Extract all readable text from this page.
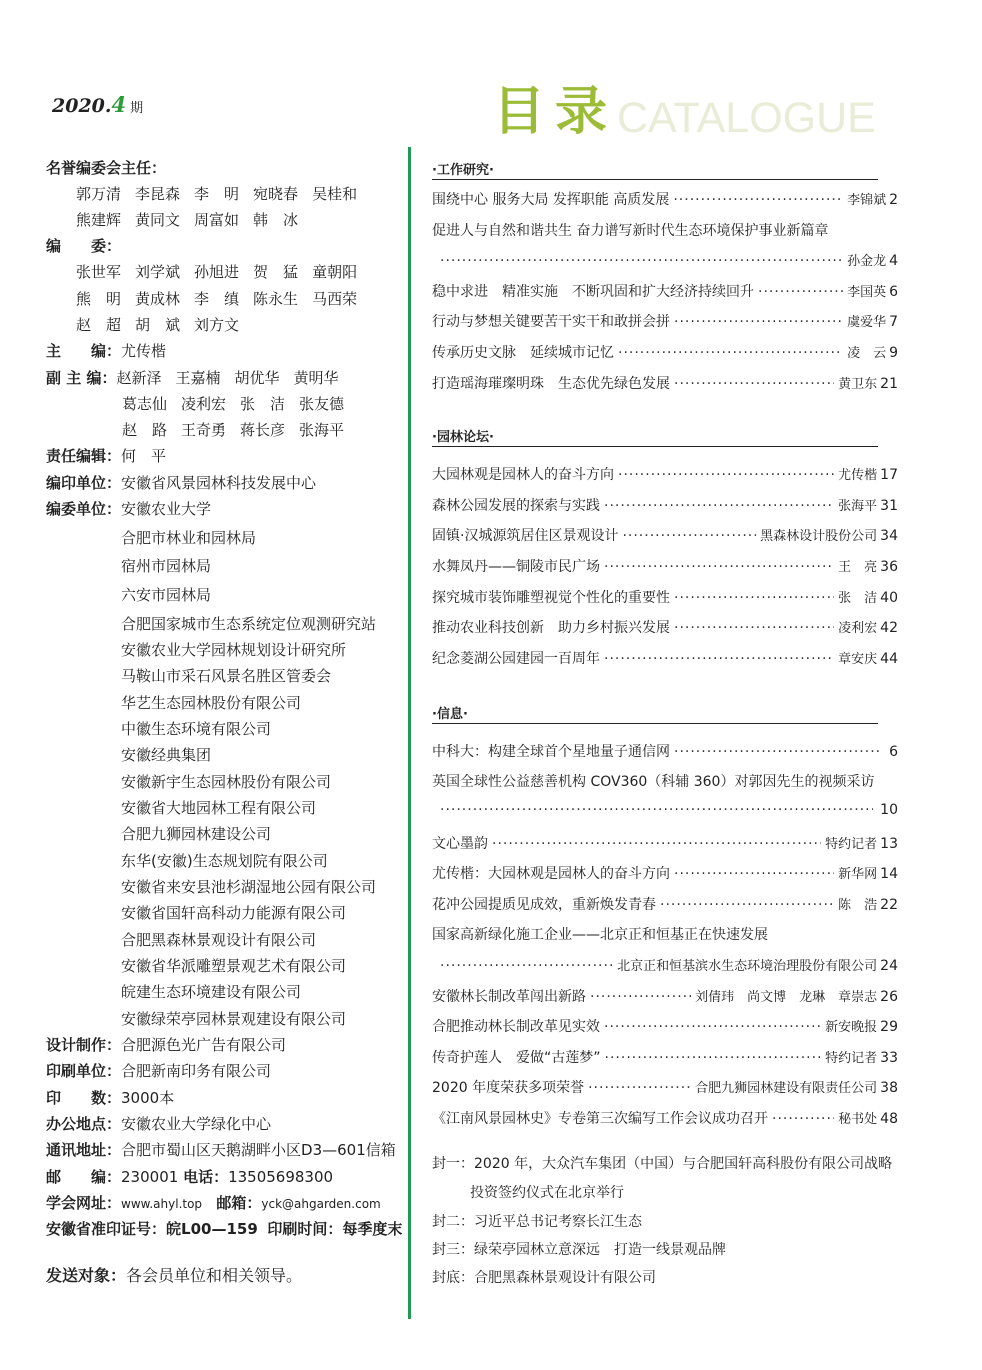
2020.4 期	目录 CATALOGUE
名誉编委会主任：
郭万清 李昆森 李　明 宛晓春 吴桂和
熊建辉 黄同文 周富如 韩　冰
编　　委：
张世军 刘学斌 孙旭进 贺　猛 童朝阳
熊　明 黄成林 李　缜 陈永生 马西荣
赵　超 胡　斌 刘方文
主　　编：尤传楷
副 主 编：赵新泽 王嘉楠 胡优华 黄明华
葛志仙 凌利宏 张　洁 张友德
赵　路 王奇勇 蒋长彦 张海平
责任编辑：何　平
编印单位：安徽省风景园林科技发展中心
编委单位：安徽农业大学
合肥市林业和园林局
宿州市园林局
六安市园林局
合肥国家城市生态系统定位观测研究站
安徽农业大学园林规划设计研究所
马鞍山市采石风景名胜区管委会
华艺生态园林股份有限公司
中徽生态环境有限公司
安徽经典集团
安徽新宇生态园林股份有限公司
安徽省大地园林工程有限公司
合肥九狮园林建设公司
东华(安徽)生态规划院有限公司
安徽省来安县池杉湖湿地公园有限公司
安徽省国轩高科动力能源有限公司
合肥黑森林景观设计有限公司
安徽省华派雕塑景观艺术有限公司
皖建生态环境建设有限公司
安徽绿荣亭园林景观建设有限公司
设计制作：合肥源色光广告有限公司
印刷单位：合肥新南印务有限公司
印　　数：3000本
办公地点：安徽农业大学绿化中心
通讯地址：合肥市蜀山区天鹅湖畔小区D3—601信箱
邮　　编：230001 电话：13505698300
学会网址：www.ahyl.top 邮箱：yck@ahgarden.com
安徽省准印证号：皖L00—159 印刷时间：每季度末
发送对象：各会员单位和相关领导。
·工作研究·
围绕中心 服务大局 发挥职能 高质发展 ·····	李锦斌 2
促进人与自然和谐共生 奋力谱写新时代生态环境保护事业新篇章
·····
孙金龙 4
稳中求进　精准实施　不断巩固和扩大经济持续回升 ·····	李国英 6
行动与梦想关键要苦干实干和敢拼会拼 ·····	虞爱华 7
传承历史文脉　延续城市记忆 ·····	凌　云 9
打造瑶海璀璨明珠　生态优先绿色发展 ·····	黄卫东 21
·园林论坛·
大园林观是园林人的奋斗方向 ·····	尤传楷 17
森林公园发展的探索与实践 ·····	张海平 31
固镇·汉城源筑居住区景观设计 ·····	黑森林设计股份公司 34
水舞凤丹——铜陵市民广场 ·····	王　亮 36
探究城市装饰雕塑视觉个性化的重要性 ·····	张　洁 40
推动农业科技创新　助力乡村振兴发展 ·····	凌利宏 42
纪念菱湖公园建园一百周年 ·····	章安庆 44
·信息·
中科大：构建全球首个星地量子通信网 ·····	6
英国全球性公益慈善机构 COV360（科辅 360）对郭因先生的视频采访
·····
10
文心墨韵 ·····	特约记者 13
尤传楷：大园林观是园林人的奋斗方向 ·····	新华网 14
花冲公园提质见成效，重新焕发青春 ·····	陈　浩 22
国家高新绿化施工企业——北京正和恒基正在快速发展
·····
北京正和恒基滨水生态环境治理股份有限公司 24
安徽林长制改革闯出新路 ·····	刘倩玮　尚文博　龙琳　章崇志 26
合肥推动林长制改革见实效 ·····	新安晚报 29
传奇护莲人　爱做“古莲梦” ·····	特约记者 33
2020 年度荣获多项荣誉 ·····	合肥九狮园林建设有限责任公司 38
《江南风景园林史》专卷第三次编写工作会议成功召开 ·····	秘书处 48
封一：2020 年，大众汽车集团（中国）与合肥国轩高科股份有限公司战略
投资签约仪式在北京举行
封二：习近平总书记考察长江生态
封三：绿荣亭园林立意深远　打造一线景观品牌
封底：合肥黑森林景观设计有限公司
